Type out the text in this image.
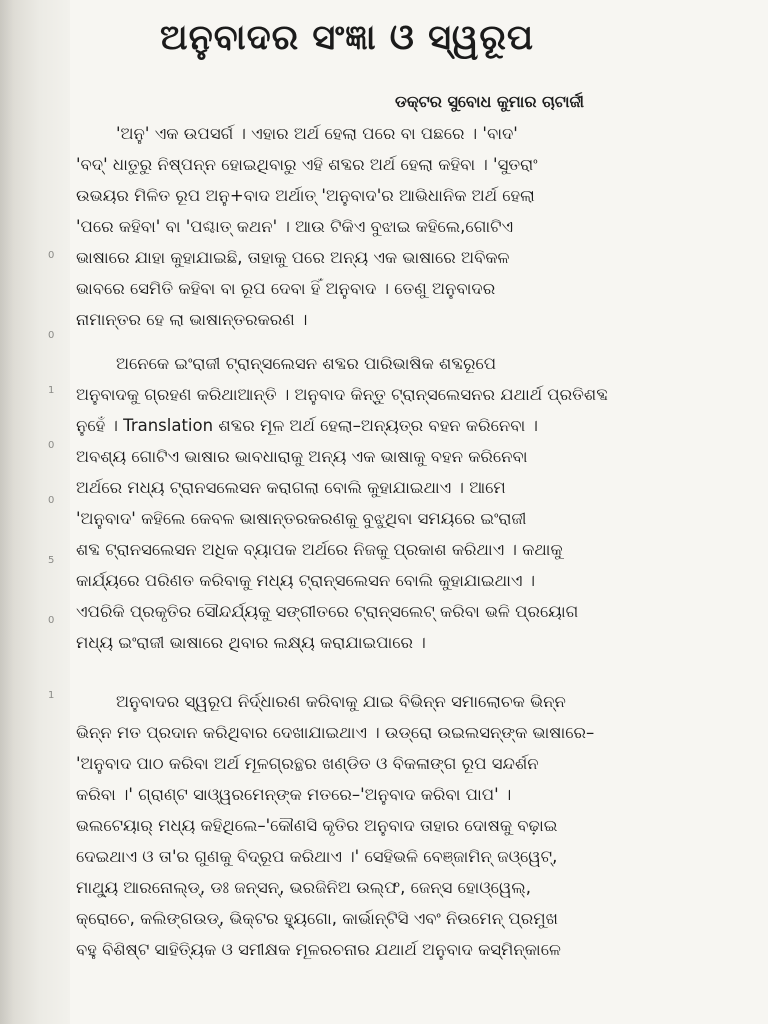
0
0
1
0
0
5
0
1
ଅନୁବାଦର ସଂଜ୍ଞା ଓ ସ୍ୱରୂପ
ଡକ୍ଟର ସୁବୋଧ କୁମାର ଚାଟାର୍ଜୀ
'ଅନୁ' ଏକ ଉପସର୍ଗ । ଏହାର ଅର୍ଥ ହେଲା ପରେ ବା ପଛରେ । 'ବାଦ'
'ବଦ୍' ଧାତୁରୁ ନିଷ୍ପନ୍ନ ହୋଇଥିବାରୁ ଏହି ଶବ୍ଦର ଅର୍ଥ ହେଲା କହିବା । 'ସୁତରାଂ
ଉଭୟର ମିଳିତ ରୂପ ଅନୁ+ବାଦ ଅର୍ଥାତ୍ 'ଅନୁବାଦ'ର ଆଭିଧାନିକ ଅର୍ଥ ହେଲା
'ପରେ କହିବା' ବା 'ପଶ୍ଚାତ୍ କଥନ' । ଆଉ ଟିକିଏ ବୁଝାଇ କହିଲେ,ଗୋଟିଏ
ଭାଷାରେ ଯାହା କୁହାଯାଇଛି, ତାହାକୁ ପରେ ଅନ୍ୟ ଏକ ଭାଷାରେ ଅବିକଳ
ଭାବରେ ସେମିତି କହିବା ବା ରୂପ ଦେବା ହିଁ ଅନୁବାଦ । ତେଣୁ ଅନୁବାଦର
ନାମାନ୍ତର ହେ ଲା ଭାଷାନ୍ତରକରଣ ।
ଅନେକେ ଇଂରାଜୀ ଟ୍ରାନ୍ସଲେସନ ଶବ୍ଦର ପାରିଭାଷିକ ଶବ୍ଦରୂପେ
ଅନୁବାଦକୁ ଗ୍ରହଣ କରିଥାଆନ୍ତି । ଅନୁବାଦ କିନ୍ତୁ ଟ୍ରାନ୍ସଲେସନର ଯଥାର୍ଥ ପ୍ରତିଶବ୍ଦ
ନୁହେଁ । Translation ଶବ୍ଦର ମୂଳ ଅର୍ଥ ହେଲା–ଅନ୍ୟତ୍ର ବହନ କରିନେବା ।
ଅବଶ୍ୟ ଗୋଟିଏ ଭାଷାର ଭାବଧାରାକୁ ଅନ୍ୟ ଏକ ଭାଷାକୁ ବହନ କରିନେବା
ଅର୍ଥରେ ମଧ୍ୟ ଟ୍ରାନସଲେସନ କରାଗଲା ବୋଲି କୁହାଯାଇଥାଏ । ଆମେ
'ଅନୁବାଦ' କହିଲେ କେବଳ ଭାଷାନ୍ତରକରଣକୁ ବୁଝୁଥିବା ସମୟରେ ଇଂରାଜୀ
ଶବ୍ଦ ଟ୍ରାନସଲେସନ ଅଧିକ ବ୍ୟାପକ ଅର୍ଥରେ ନିଜକୁ ପ୍ରକାଶ କରିଥାଏ । କଥାକୁ
କାର୍ଯ୍ୟରେ ପରିଣତ କରିବାକୁ ମଧ୍ୟ ଟ୍ରାନ୍ସଲେସନ ବୋଲି କୁହାଯାଇଥାଏ ।
ଏପରିକି ପ୍ରକୃତିର ସୌନ୍ଦର୍ଯ୍ୟକୁ ସଙ୍ଗୀତରେ ଟ୍ରାନ୍ସଲେଟ୍ କରିବା ଭଳି ପ୍ରୟୋଗ
ମଧ୍ୟ ଇଂରାଜୀ ଭାଷାରେ ଥିବାର ଲକ୍ଷ୍ୟ କରାଯାଇପାରେ ।
ଅନୁବାଦର ସ୍ୱରୂପ ନିର୍ଦ୍ଧାରଣ କରିବାକୁ ଯାଇ ବିଭିନ୍ନ ସମାଲୋଚକ ଭିନ୍ନ
ଭିନ୍ନ ମତ ପ୍ରଦାନ କରିଥିବାର ଦେଖାଯାଇଥାଏ । ଉଡ୍ରୋ ଉଇଲସନ୍ଙ୍କ ଭାଷାରେ–
'ଅନୁବାଦ ପାଠ କରିବା ଅର୍ଥ ମୂଳଗ୍ରନ୍ଥର ଖଣ୍ଡିତ ଓ ବିକଳାଙ୍ଗ ରୂପ ସନ୍ଦର୍ଶନ
କରିବା ।' ଗ୍ରାଣ୍ଟ ସାଓ୍ୱରମେନ୍ଙ୍କ ମତରେ–'ଅନୁବାଦ କରିବା ପାପ' ।
ଭଲଟେୟାର୍ ମଧ୍ୟ କହିଥିଲେ–'କୌଣସି କୃତିର ଅନୁବାଦ ତାହାର ଦୋଷକୁ ବଢ଼ାଇ
ଦେଇଥାଏ ଓ ତା'ର ଗୁଣକୁ ବିଦ୍ରୂପ କରିଥାଏ ।' ସେହିଭଳି ବେଞ୍ଜାମିନ୍ ଜଓ୍ୱେଟ୍,
ମାଥ୍ୟୁ ଆରନୋଲ୍ଡ୍, ଡଃ ଜନ୍ସନ୍, ଭରଜିନିଅ ଉଲ୍ଫ, ଜେନ୍ସ ହୋଓ୍ୱେଲ୍,
କ୍ରୋଚେ, କଲିଙ୍ଗଉଡ୍, ଭିକ୍ଟର ହ୍ୟୁଗୋ, କାର୍ଭାନ୍ଟିସି ଏବଂ ନିଉମେନ୍ ପ୍ରମୁଖ
ବହୁ ବିଶିଷ୍ଟ ସାହିତ୍ୟିକ ଓ ସମୀକ୍ଷକ ମୂଳରଚନାର ଯଥାର୍ଥ ଅନୁବାଦ କସ୍ମିନ୍‌କାଳେ
